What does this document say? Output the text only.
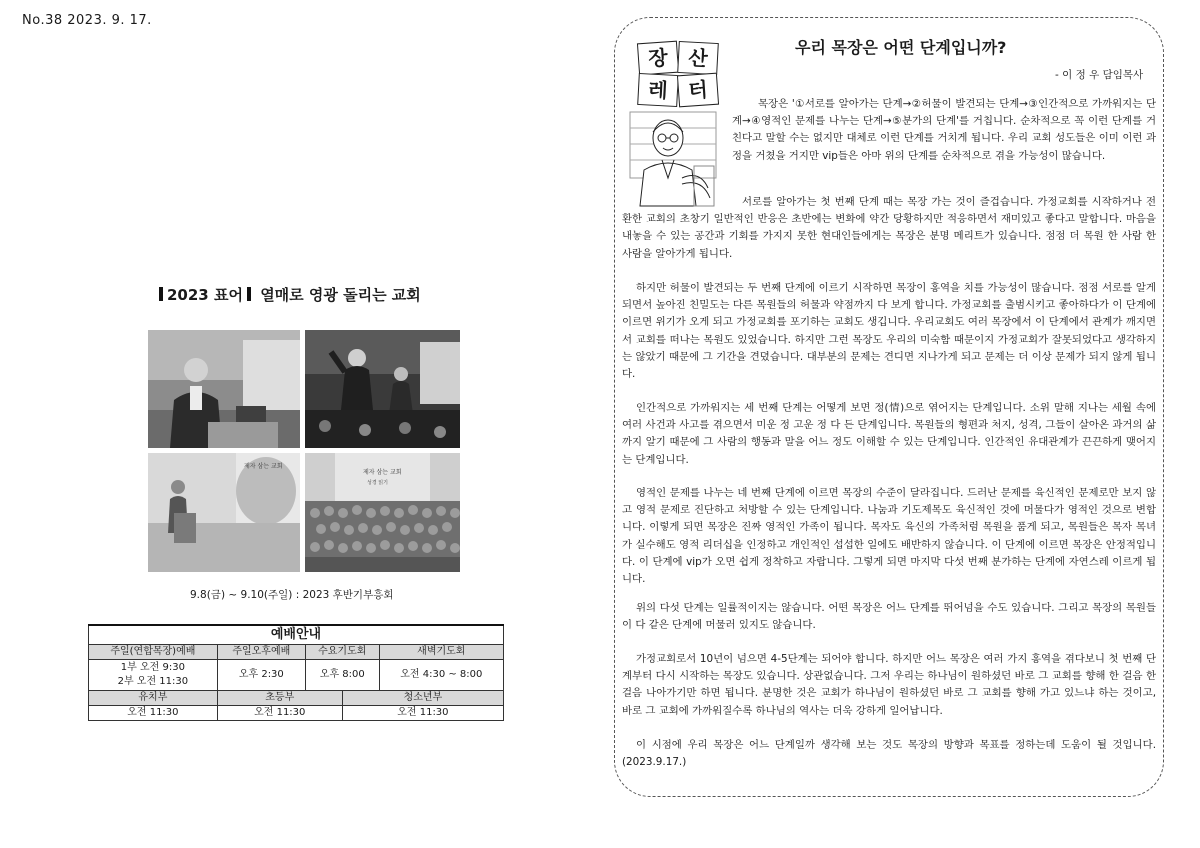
No.38 2023. 9. 17.
2023 표어 열매로 영광 돌리는 교회
제자 삼는 교회
제자 삼는 교회
성경 읽기
9.8(금) ~ 9.10(주일) : 2023 후반기부흥회
예배안내				
주일(연합목장)예배	주일오후예배	수요기도회		새벽기도회

1부 오전 9:30
2부 오전 11:30	오후 2:30	오후 8:00		오전 4:30 ~ 8:00
유치부	초등부		청소년부	
오전 11:30	오전 11:30		오전 11:30	
장 산
레 터
우리 목장은 어떤 단계입니까?
- 이 정 우 담임목사

목장은 '①서로를 알아가는 단계→②허물이 발견되는 단계→③인간적으로 가까워지는 단계→④영적인 문제를 나누는 단계→⑤분가의 단계'를 거칩니다. 순차적으로 꼭 이런 단계를 거친다고 말할 수는 없지만 대체로 이런 단계를 거치게 됩니다. 우리 교회 성도들은 이미 이런 과정을 거쳤을 거지만 vip들은 아마 위의 단계를 순차적으로 겪을 가능성이 많습니다.

서로를 알아가는 첫 번째 단계 때는 목장 가는 것이 즐겁습니다. 가정교회를 시작하거나 전환한 교회의 초창기 일반적인 반응은 초반에는 변화에 약간 당황하지만 적응하면서 재미있고 좋다고 말합니다. 마음을 내놓을 수 있는 공간과 기회를 가지지 못한 현대인들에게는 목장은 분명 메리트가 있습니다. 점점 더 목원 한 사람 한 사람을 알아가게 됩니다.

하지만 허물이 발견되는 두 번째 단계에 이르기 시작하면 목장이 홍역을 치를 가능성이 많습니다. 점점 서로를 알게 되면서 높아진 친밀도는 다른 목원들의 허물과 약점까지 다 보게 합니다. 가정교회를 출범시키고 좋아하다가 이 단계에 이르면 위기가 오게 되고 가정교회를 포기하는 교회도 생깁니다. 우리교회도 여러 목장에서 이 단계에서 관계가 깨지면서 교회를 떠나는 목원도 있었습니다. 하지만 그런 목장도 우리의 미숙함 때문이지 가정교회가 잘못되었다고 생각하지는 않았기 때문에 그 기간을 견뎠습니다. 대부분의 문제는 견디면 지나가게 되고 문제는 더 이상 문제가 되지 않게 됩니다.

인간적으로 가까워지는 세 번째 단계는 어떻게 보면 정(情)으로 엮어지는 단계입니다. 소위 말해 지나는 세월 속에 여러 사건과 사고를 겪으면서 미운 정 고운 정 다 든 단계입니다. 목원들의 형편과 처지, 성격, 그들이 살아온 과거의 삶까지 알기 때문에 그 사람의 행동과 말을 어느 정도 이해할 수 있는 단계입니다. 인간적인 유대관계가 끈끈하게 맺어지는 단계입니다.

영적인 문제를 나누는 네 번째 단계에 이르면 목장의 수준이 달라집니다. 드러난 문제를 육신적인 문제로만 보지 않고 영적 문제로 진단하고 처방할 수 있는 단계입니다. 나눔과 기도제목도 육신적인 것에 머물다가 영적인 것으로 변합니다. 이렇게 되면 목장은 진짜 영적인 가족이 됩니다. 목자도 육신의 가족처럼 목원을 품게 되고, 목원들은 목자 목녀가 실수해도 영적 리더십을 인정하고 개인적인 섭섭한 일에도 배반하지 않습니다. 이 단계에 이르면 목장은 안정적입니다. 이 단계에 vip가 오면 쉽게 정착하고 자랍니다. 그렇게 되면 마지막 다섯 번째 분가하는 단계에 자연스레 이르게 됩니다.

위의 다섯 단계는 일률적이지는 않습니다. 어떤 목장은 어느 단계를 뛰어넘을 수도 있습니다. 그리고 목장의 목원들이 다 같은 단계에 머물러 있지도 않습니다.

가정교회로서 10년이 넘으면 4-5단계는 되어야 합니다. 하지만 어느 목장은 여러 가지 홍역을 겪다보니 첫 번째 단계부터 다시 시작하는 목장도 있습니다. 상관없습니다. 그저 우리는 하나님이 원하셨던 바로 그 교회를 향해 한 걸음 한 걸음 나아가기만 하면 됩니다. 분명한 것은 교회가 하나님이 원하셨던 바로 그 교회를 향해 가고 있느냐 하는 것이고, 바로 그 교회에 가까워질수록 하나님의 역사는 더욱 강하게 일어납니다.

이 시점에 우리 목장은 어느 단계일까 생각해 보는 것도 목장의 방향과 목표를 정하는데 도움이 될 것입니다.(2023.9.17.)
